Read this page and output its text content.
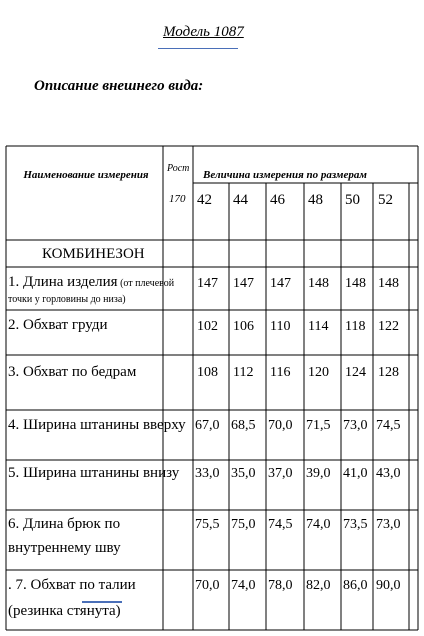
Модель 1087
Описание внешнего вида:
Наименование измерения
Рост
170
Величина измерения по размерам
42 44 46 48 50 52
КОМБИНЕЗОН
1. Длина изделия (от плечевой
точки у горловины до низа)
147 147 147 148 148 148
2. Обхват груди	102 106 110 114 118 122
3. Обхват по бедрам	108 112 116 120 124 128
4. Ширина штанины вверху 67,0 68,5 70,0 71,5 73,0 74,5
5. Ширина штанины внизу 33,0 35,0 37,0 39,0 41,0 43,0
6. Длина брюк по
внутреннему шву
75,5 75,0 74,5 74,0 73,5 73,0
. 7. Обхват по талии
(резинка стянута)
70,0 74,0 78,0 82,0 86,0 90,0
